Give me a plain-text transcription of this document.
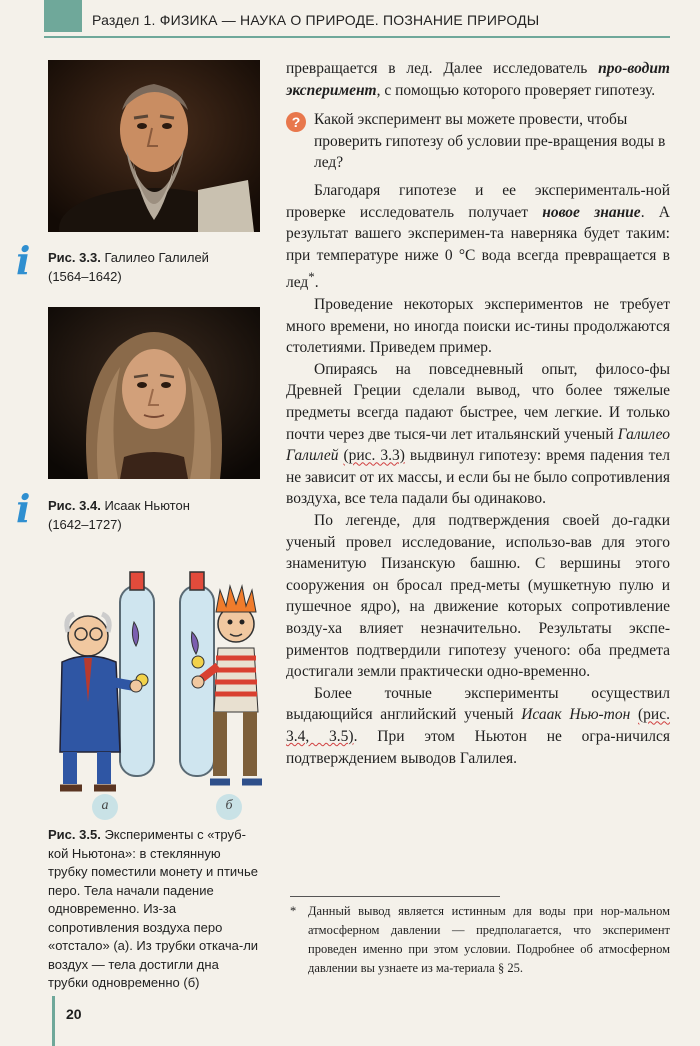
Раздел 1. ФИЗИКА — НАУКА О ПРИРОДЕ. ПОЗНАНИЕ ПРИРОДЫ
i	Рис. 3.3. Галилео Галилей
(1564–1642)
i	Рис. 3.4. Исаак Ньютон
(1642–1727)
а	б
Рис. 3.5. Эксперименты с «труб-кой Ньютона»: в стеклянную трубку поместили монету и птичье перо. Тела начали падение одновременно. Из-за сопротивления воздуха перо «отстало» (а). Из трубки откача-ли воздух — тела достигли дна трубки одновременно (б)

превращается в лед. Далее исследователь про-водит эксперимент, с помощью которого проверяет гипотезу.

? Какой эксперимент вы можете провести, чтобы проверить гипотезу об условии пре-вращения воды в лед?

Благодаря гипотезе и ее эксперименталь-ной проверке исследователь получает новое знание. А результат вашего эксперимен-та наверняка будет таким: при температуре ниже 0 °С вода всегда превращается в лед*.

Проведение некоторых экспериментов не требует много времени, но иногда поиски ис-тины продолжаются столетиями. Приведем пример.

Опираясь на повседневный опыт, филосо-фы Древней Греции сделали вывод, что более тяжелые предметы всегда падают быстрее, чем легкие. И только почти через две тыся-чи лет итальянский ученый Галилео Галилей (рис. 3.3) выдвинул гипотезу: время падения тел не зависит от их массы, и если бы не было сопротивления воздуха, все тела падали бы одинаково.

По легенде, для подтверждения своей до-гадки ученый провел исследование, использо-вав для этого знаменитую Пизанскую башню. С вершины этого сооружения он бросал пред-меты (мушкетную пулю и пушечное ядро), на движение которых сопротивление возду-ха влияет незначительно. Результаты экспе-риментов подтвердили гипотезу ученого: оба предмета достигали земли практически одно-временно.

Более точные эксперименты осуществил выдающийся английский ученый Исаак Нью-тон (рис. 3.4, 3.5). При этом Ньютон не огра-ничился подтверждением выводов Галилея.

* Данный вывод является истинным для воды при нор-мальном атмосферном давлении — предполагается, что эксперимент проведен именно при этом условии. Подробнее об атмосферном давлении вы узнаете из ма-териала § 25.
20
